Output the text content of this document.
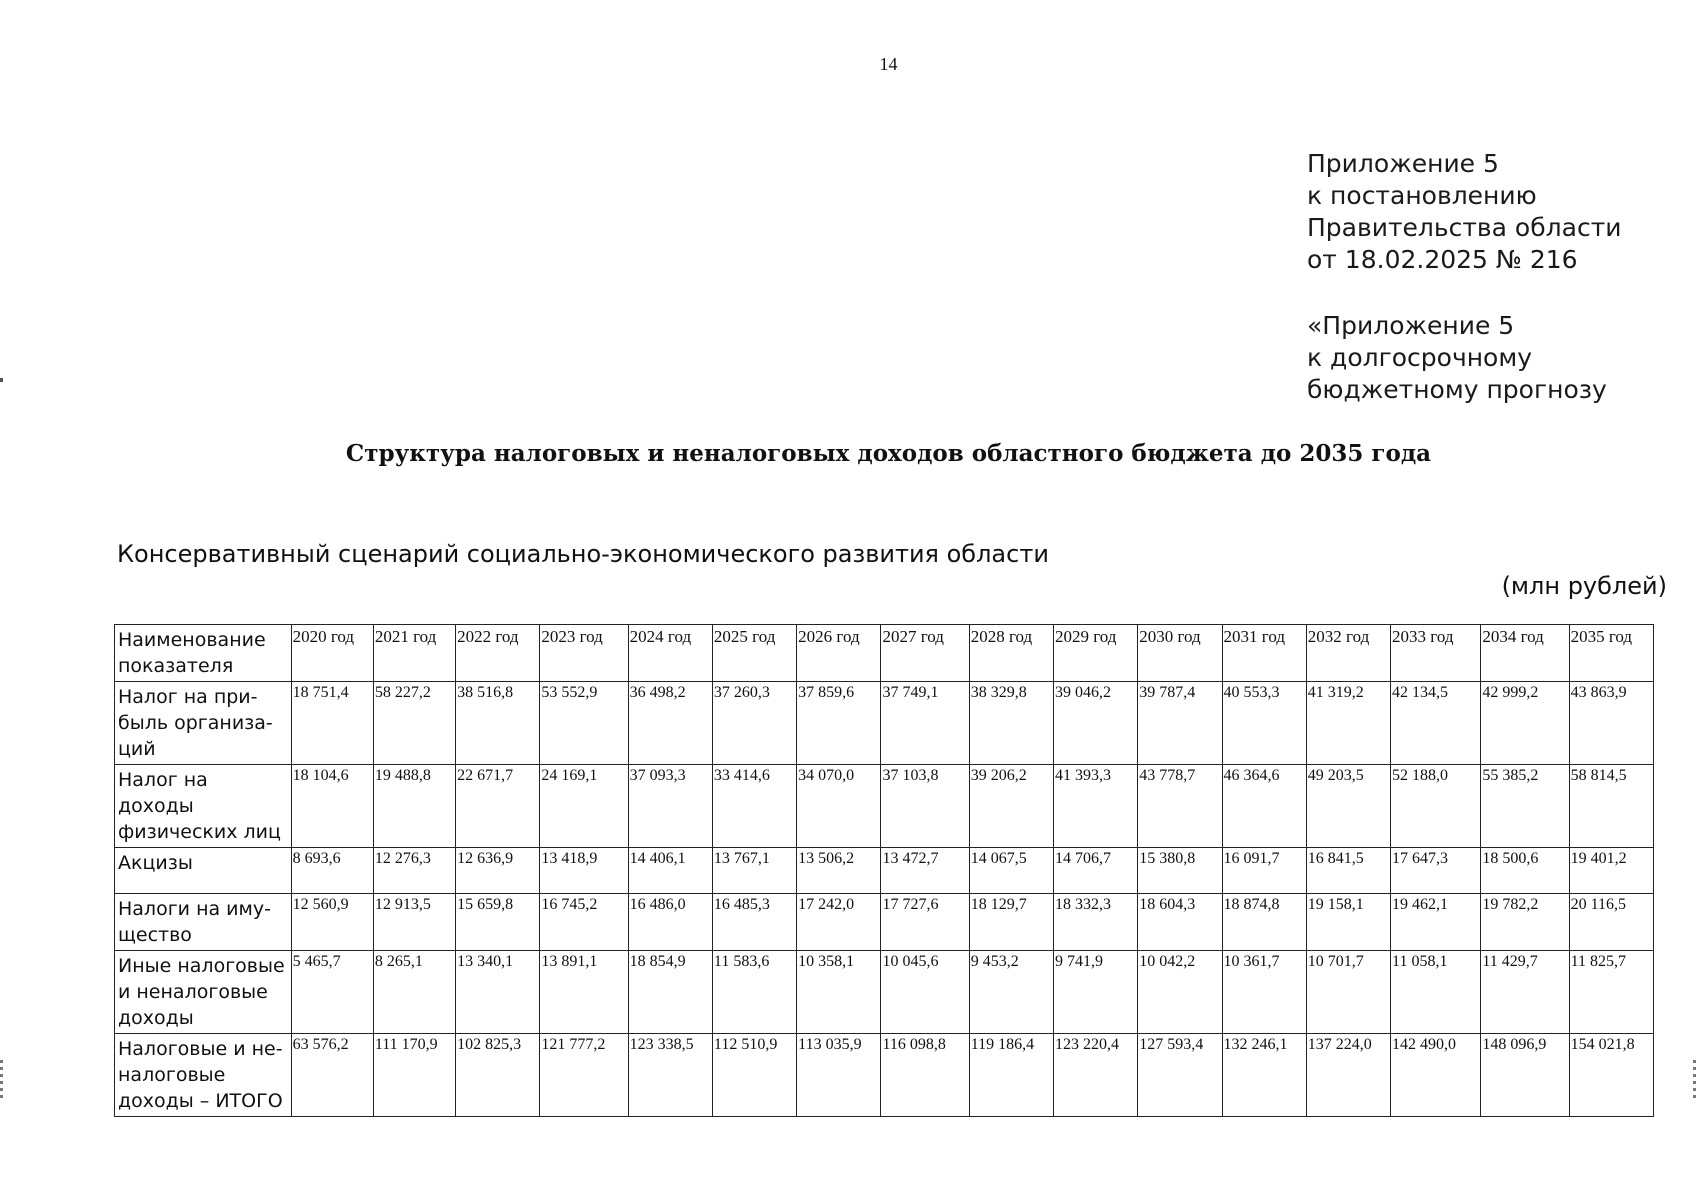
14
Приложение 5
к постановлению
Правительства области
от 18.02.2025 № 216
«Приложение 5
к долгосрочному
бюджетному прогнозу
Структура налоговых и неналоговых доходов областного бюджета до 2035 года
Консервативный сценарий социально-экономического развития области
(млн рублей)
Наименование показателя	2020 год	2021 год	2022 год	2023 год	2024 год	2025 год	2026 год	2027 год	2028 год	2029 год	2030 год	2031 год	2032 год	2033 год	2034 год	2035 год
Налог на при-быль организа-ций	18 751,4	58 227,2	38 516,8	53 552,9	36 498,2	37 260,3	37 859,6	37 749,1	38 329,8	39 046,2	39 787,4	40 553,3	41 319,2	42 134,5	42 999,2	43 863,9
Налог на доходы физических лиц	18 104,6	19 488,8	22 671,7	24 169,1	37 093,3	33 414,6	34 070,0	37 103,8	39 206,2	41 393,3	43 778,7	46 364,6	49 203,5	52 188,0	55 385,2	58 814,5
Акцизы	8 693,6	12 276,3	12 636,9	13 418,9	14 406,1	13 767,1	13 506,2	13 472,7	14 067,5	14 706,7	15 380,8	16 091,7	16 841,5	17 647,3	18 500,6	19 401,2
Налоги на иму-щество	12 560,9	12 913,5	15 659,8	16 745,2	16 486,0	16 485,3	17 242,0	17 727,6	18 129,7	18 332,3	18 604,3	18 874,8	19 158,1	19 462,1	19 782,2	20 116,5
Иные налоговые и неналоговые доходы	5 465,7	8 265,1	13 340,1	13 891,1	18 854,9	11 583,6	10 358,1	10 045,6	9 453,2	9 741,9	10 042,2	10 361,7	10 701,7	11 058,1	11 429,7	11 825,7
Налоговые и не-налоговые доходы – ИТОГО	63 576,2	111 170,9	102 825,3	121 777,2	123 338,5	112 510,9	113 035,9	116 098,8	119 186,4	123 220,4	127 593,4	132 246,1	137 224,0	142 490,0	148 096,9	154 021,8
